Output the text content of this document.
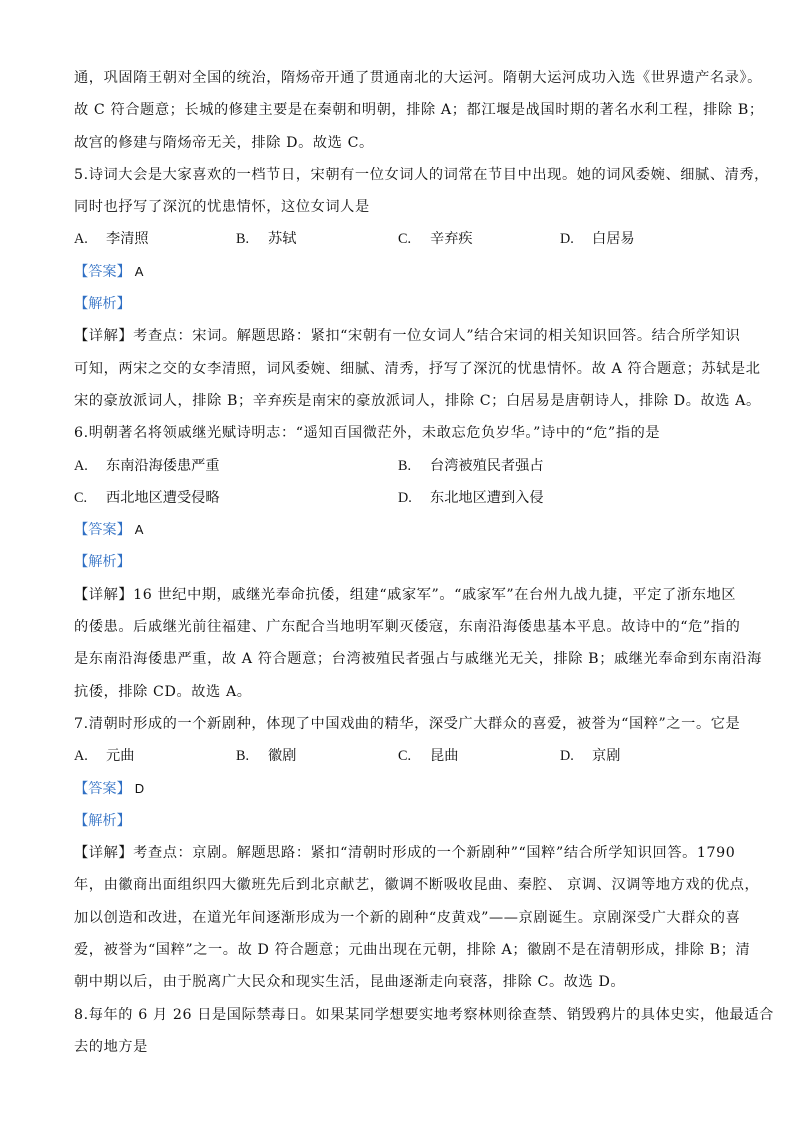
通，巩固隋王朝对全国的统治，隋炀帝开通了贯通南北的大运河。隋朝大运河成功入选《世界遗产名录》。
故 C 符合题意；长城的修建主要是在秦朝和明朝，排除 A；都江堰是战国时期的著名水利工程，排除 B；
故宫的修建与隋炀帝无关，排除 D。故选 C。
5.诗词大会是大家喜欢的一档节日，宋朝有一位女词人的词常在节目中出现。她的词风委婉、细腻、清秀，
同时也抒写了深沉的忧患情怀，这位女词人是
A. 李清照	B. 苏轼	C. 辛弃疾	D. 白居易
【答案】 A
【解析】
【详解】考查点：宋词。解题思路：紧扣“宋朝有一位女词人”结合宋词的相关知识回答。结合所学知识
可知，两宋之交的女李清照，词风委婉、细腻、清秀，抒写了深沉的忧患情怀。故 A 符合题意；苏轼是北
宋的豪放派词人，排除 B；辛弃疾是南宋的豪放派词人，排除 C；白居易是唐朝诗人，排除 D。故选 A。
6.明朝著名将领戚继光赋诗明志：“遥知百国微茫外，未敢忘危负岁华。”诗中的“危”指的是
A. 东南沿海倭患严重	B. 台湾被殖民者强占
C. 西北地区遭受侵略	D. 东北地区遭到入侵
【答案】 A
【解析】
【详解】16 世纪中期，戚继光奉命抗倭，组建“戚家军”。“戚家军”在台州九战九捷，平定了浙东地区
的倭患。后戚继光前往福建、广东配合当地明军剿灭倭寇，东南沿海倭患基本平息。故诗中的“危”指的
是东南沿海倭患严重，故 A 符合题意；台湾被殖民者强占与戚继光无关，排除 B；戚继光奉命到东南沿海
抗倭，排除 CD。故选 A。
7.清朝时形成的一个新剧种，体现了中国戏曲的精华，深受广大群众的喜爱，被誉为“国粹”之一。它是
A. 元曲	B. 徽剧	C. 昆曲	D. 京剧
【答案】 D
【解析】
【详解】考查点：京剧。解题思路：紧扣“清朝时形成的一个新剧种”“国粹”结合所学知识回答。1790
年，由徽商出面组织四大徽班先后到北京献艺，徽调不断吸收昆曲、秦腔、 京调、汉调等地方戏的优点，
加以创造和改进，在道光年间逐渐形成为一个新的剧种“皮黄戏”——京剧诞生。京剧深受广大群众的喜
爱，被誉为“国粹”之一。故 D 符合题意；元曲出现在元朝，排除 A；徽剧不是在清朝形成，排除 B；清
朝中期以后，由于脱离广大民众和现实生活，昆曲逐渐走向衰落，排除 C。故选 D。
8.每年的 6 月 26 日是国际禁毒日。如果某同学想要实地考察林则徐查禁、销毁鸦片的具体史实，他最适合
去的地方是
